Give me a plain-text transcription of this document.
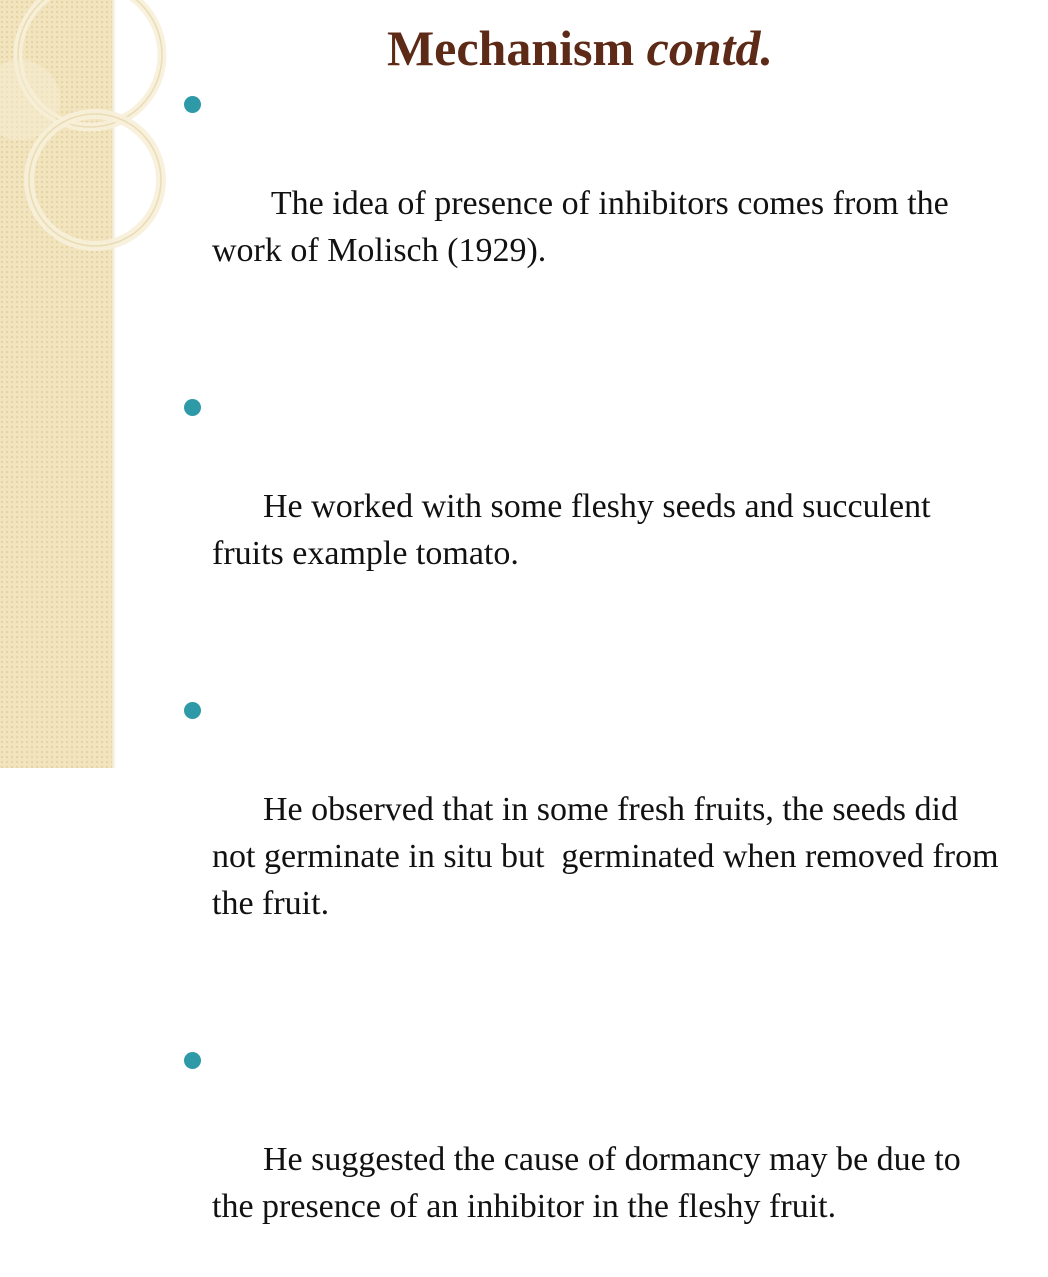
Mechanism contd.

The idea of presence of inhibitors comes from the work of Molisch (1929).

He worked with some fleshy seeds and succulent fruits example tomato.

He observed that in some fresh fruits, the seeds did not germinate in situ but  germinated when removed from the fruit.

He suggested the cause of dormancy may be due to the presence of an inhibitor in the fleshy fruit.
